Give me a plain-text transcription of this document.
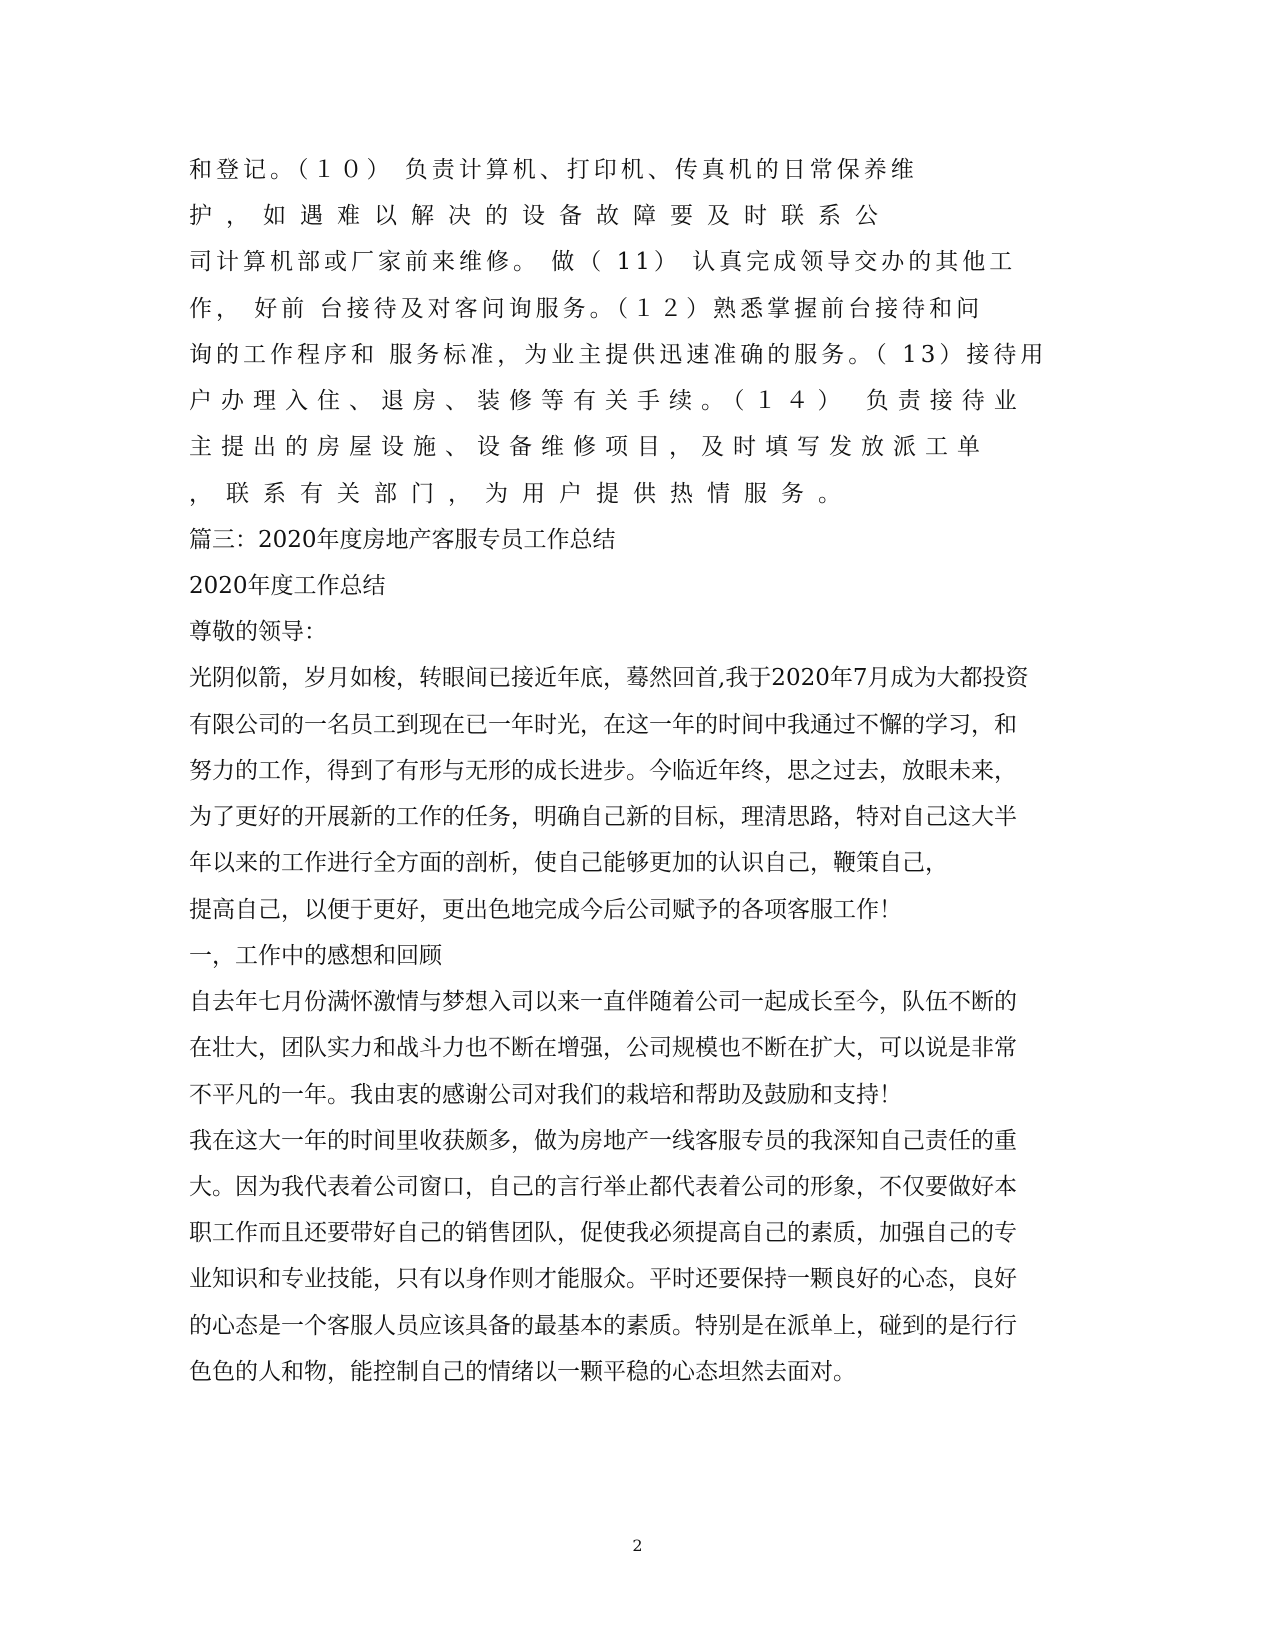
和登记。（１０） 负责计算机、打印机、传真机的日常保养维
护，如遇难以解决的设备故障要及时联系公
司计算机部或厂家前来维修。 做（ 11） 认真完成领导交办的其他工
作， 好前 台接待及对客问询服务。（１２）熟悉掌握前台接待和问
询的工作程序和 服务标准，为业主提供迅速准确的服务。（ 13）接待用
户办理入住、退房、装修等有关手续。（１４） 负责接待业
主提出的房屋设施、设备维修项目，及时填写发放派工单
，联系有关部门，为用户提供热情服务。
篇三：2020年度房地产客服专员工作总结
2020年度工作总结
尊敬的领导：
光阴似箭，岁月如梭，转眼间已接近年底，蓦然回首,我于2020年7月成为大都投资
有限公司的一名员工到现在已一年时光，在这一年的时间中我通过不懈的学习，和
努力的工作，得到了有形与无形的成长进步。今临近年终，思之过去，放眼未来，
为了更好的开展新的工作的任务，明确自己新的目标，理清思路，特对自己这大半
年以来的工作进行全方面的剖析，使自己能够更加的认识自己，鞭策自己，
提高自己，以便于更好，更出色地完成今后公司赋予的各项客服工作！
一，工作中的感想和回顾
自去年七月份满怀激情与梦想入司以来一直伴随着公司一起成长至今，队伍不断的
在壮大，团队实力和战斗力也不断在增强，公司规模也不断在扩大，可以说是非常
不平凡的一年。我由衷的感谢公司对我们的栽培和帮助及鼓励和支持！
我在这大一年的时间里收获颇多，做为房地产一线客服专员的我深知自己责任的重
大。因为我代表着公司窗口，自己的言行举止都代表着公司的形象，不仅要做好本
职工作而且还要带好自己的销售团队，促使我必须提高自己的素质，加强自己的专
业知识和专业技能，只有以身作则才能服众。平时还要保持一颗良好的心态，良好
的心态是一个客服人员应该具备的最基本的素质。特别是在派单上，碰到的是行行
色色的人和物，能控制自己的情绪以一颗平稳的心态坦然去面对。
2
